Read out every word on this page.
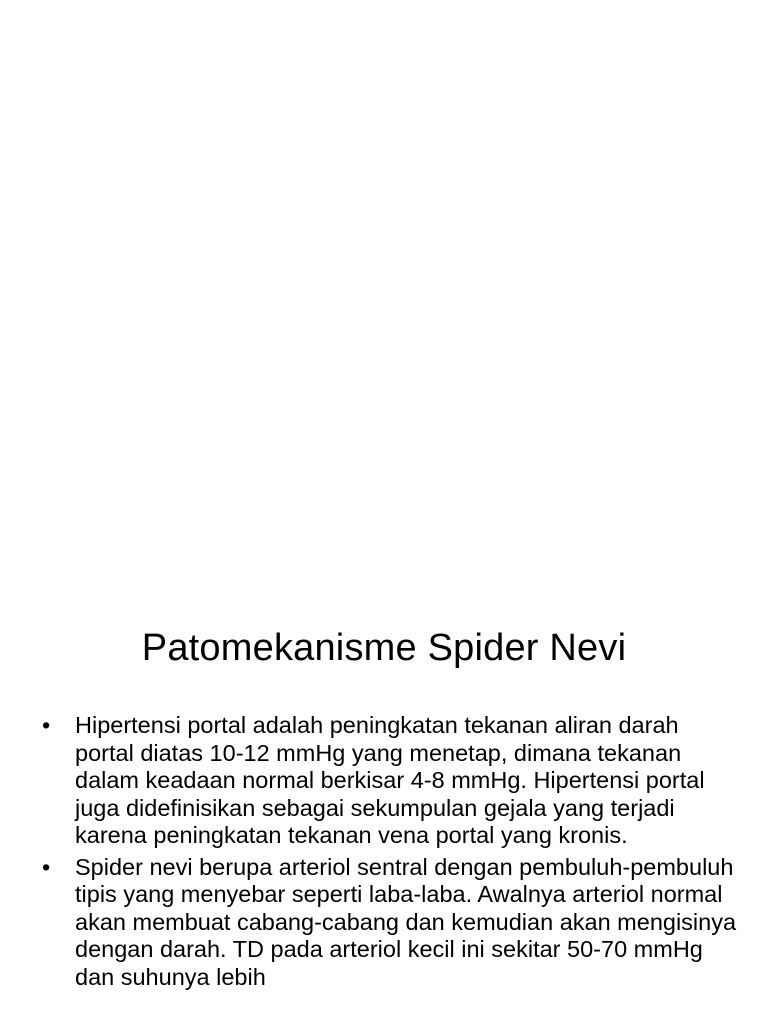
Patomekanisme Spider Nevi
• Hipertensi portal adalah peningkatan tekanan aliran darah portal diatas 10-12 mmHg yang menetap, dimana tekanan dalam keadaan normal berkisar 4-8 mmHg. Hipertensi portal juga didefinisikan sebagai sekumpulan gejala yang terjadi karena peningkatan tekanan vena portal yang kronis.
• Spider nevi berupa arteriol sentral dengan pembuluh-pembuluh tipis yang menyebar seperti laba-laba. Awalnya arteriol normal akan membuat cabang-cabang dan kemudian akan mengisinya dengan darah. TD pada arteriol kecil ini sekitar 50-70 mmHg dan suhunya lebih
